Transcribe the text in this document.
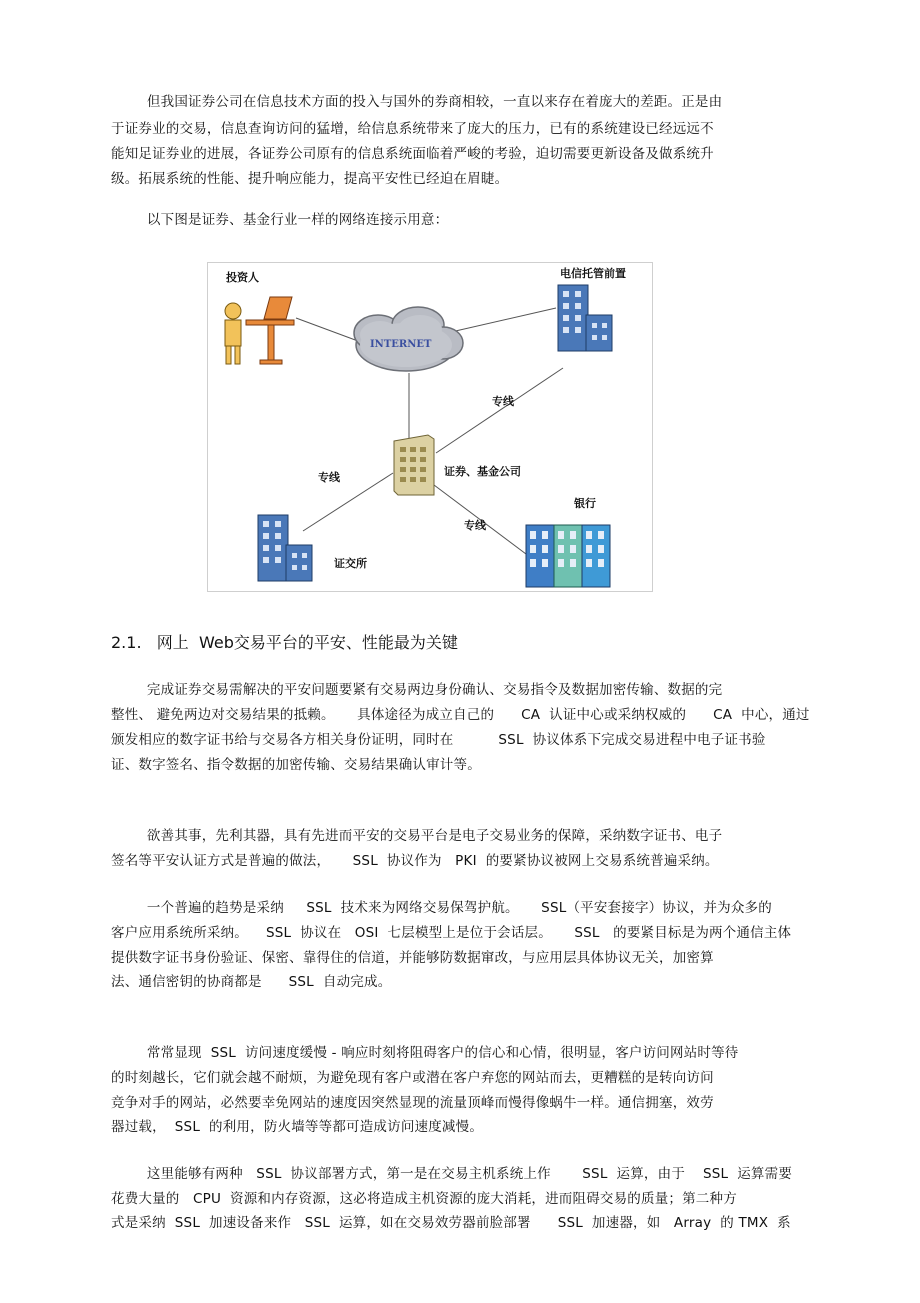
但我国证券公司在信息技术方面的投入与国外的券商相较，一直以来存在着庞大的差距。正是由
于证券业的交易，信息查询访问的猛增，给信息系统带来了庞大的压力，已有的系统建设已经远远不
能知足证券业的进展，各证券公司原有的信息系统面临着严峻的考验，迫切需要更新设备及做系统升
级。拓展系统的性能、提升响应能力，提高平安性已经迫在眉睫。
以下图是证券、基金行业一样的网络连接示用意：
投资人	电信托管前置
INTERNET
证券、基金公司
银行
证交所
专线
专线
专线
2.1.   网上  Web交易平台的平安、性能最为关键
完成证券交易需解决的平安问题要紧有交易两边身份确认、交易指令及数据加密传输、数据的完
整性、 避免两边对交易结果的抵赖。     具体途径为成立自己的      CA  认证中心或采纳权威的      CA  中心，通过
颁发相应的数字证书给与交易各方相关身份证明，同时在          SSL  协议体系下完成交易进程中电子证书验
证、数字签名、指令数据的加密传输、交易结果确认审计等。
欲善其事，先利其器，具有先进而平安的交易平台是电子交易业务的保障，采纳数字证书、电子
签名等平安认证方式是普遍的做法，     SSL  协议作为   PKI  的要紧协议被网上交易系统普遍采纳。
一个普遍的趋势是采纳     SSL  技术来为网络交易保驾护航。     SSL（平安套接字）协议，并为众多的
客户应用系统所采纳。    SSL  协议在   OSI  七层模型上是位于会话层。     SSL   的要紧目标是为两个通信主体
提供数字证书身份验证、保密、靠得住的信道，并能够防数据窜改，与应用层具体协议无关，加密算
法、通信密钥的协商都是      SSL  自动完成。
常常显现  SSL  访问速度缓慢 - 响应时刻将阻碍客户的信心和心情，很明显，客户访问网站时等待
的时刻越长，它们就会越不耐烦，为避免现有客户或潜在客户弃您的网站而去，更糟糕的是转向访问
竞争对手的网站，必然要幸免网站的速度因突然显现的流量顶峰而慢得像蜗牛一样。通信拥塞，效劳
器过载，  SSL  的利用，防火墙等等都可造成访问速度减慢。
这里能够有两种   SSL  协议部署方式，第一是在交易主机系统上作       SSL  运算，由于    SSL  运算需要
花费大量的   CPU  资源和内存资源，这必将造成主机资源的庞大消耗，进而阻碍交易的质量；第二种方
式是采纳  SSL  加速设备来作   SSL  运算，如在交易效劳器前脸部署      SSL  加速器，如   Array  的 TMX  系
